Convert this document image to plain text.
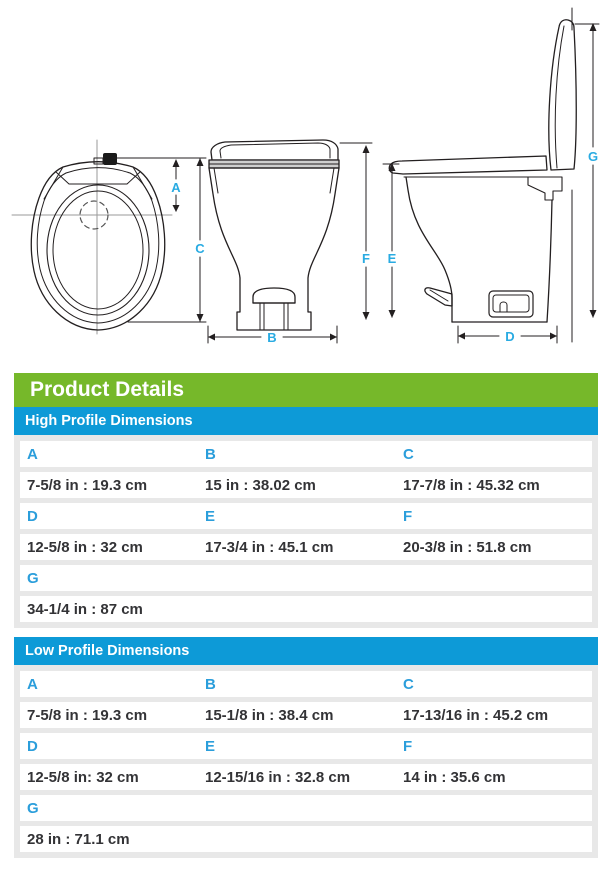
A
C
B
F E
G
D
Product Details
High Profile Dimensions
A	B	C
7-5/8 in : 19.3 cm	15 in : 38.02 cm	17-7/8 in : 45.32 cm
D	E	F
12-5/8 in : 32 cm	17-3/4 in : 45.1 cm	20-3/8 in : 51.8 cm
G
34-1/4 in : 87 cm
Low Profile Dimensions
A	B	C
7-5/8 in : 19.3 cm	15-1/8 in : 38.4 cm	17-13/16 in : 45.2 cm
D	E	F
12-5/8 in: 32 cm	12-15/16 in : 32.8 cm	14 in : 35.6 cm
G
28 in : 71.1 cm
